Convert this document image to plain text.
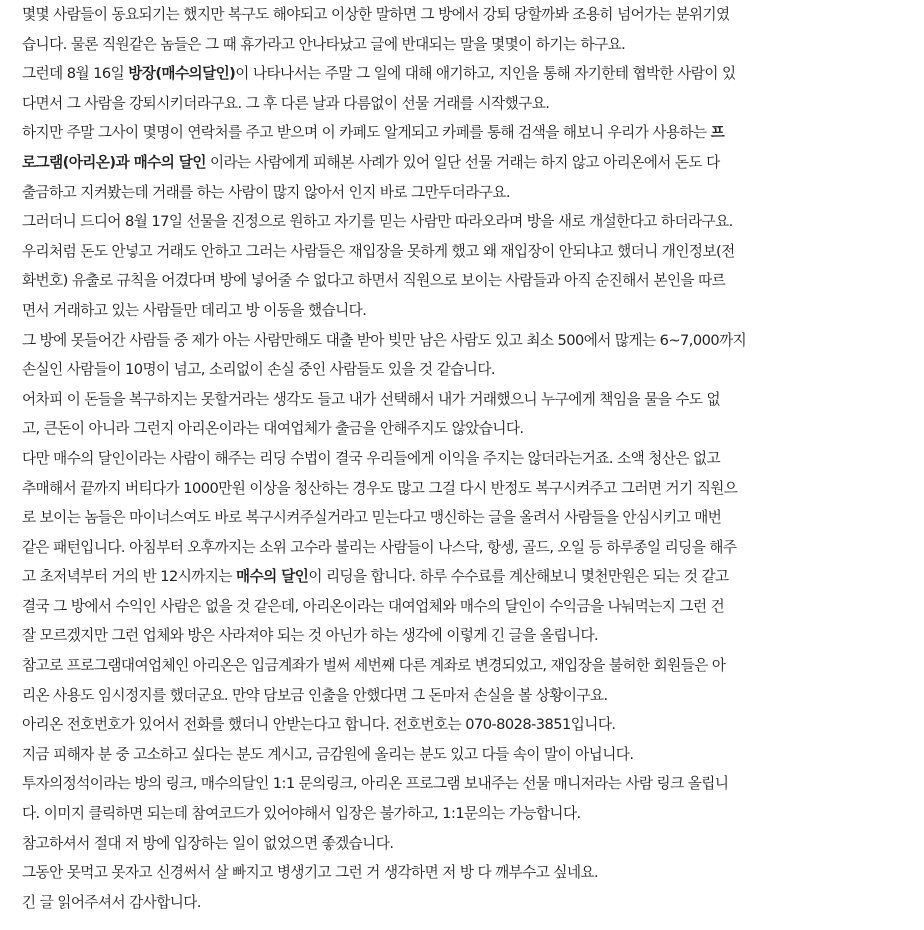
몇몇 사람들이 동요되기는 했지만 복구도 해야되고 이상한 말하면 그 방에서 강퇴 당할까봐 조용히 넘어가는 분위기였
습니다. 물론 직원같은 놈들은 그 때 휴가라고 안나타났고 글에 반대되는 말을 몇몇이 하기는 하구요.
그런데 8월 16일 방장(매수의달인)이 나타나서는 주말 그 일에 대해 애기하고, 지인을 통해 자기한테 협박한 사람이 있
다면서 그 사람을 강퇴시키더라구요. 그 후 다른 날과 다름없이 선물 거래를 시작했구요.
하지만 주말 그사이 몇명이 연락처를 주고 받으며 이 카페도 알게되고 카페를 통해 검색을 해보니 우리가 사용하는 프
로그램(아리온)과 매수의 달인 이라는 사람에게 피해본 사례가 있어 일단 선물 거래는 하지 않고 아리온에서 돈도 다
출금하고 지켜봤는데 거래를 하는 사람이 많지 않아서 인지 바로 그만두더라구요.
그러더니 드디어 8월 17일 선물을 진정으로 원하고 자기를 믿는 사람만 따라오라며 방을 새로 개설한다고 하더라구요.
우리처럼 돈도 안넣고 거래도 안하고 그러는 사람들은 재입장을 못하게 했고 왜 재입장이 안되냐고 했더니 개인정보(전
화번호) 유출로 규칙을 어겼다며 방에 넣어줄 수 없다고 하면서 직원으로 보이는 사람들과 아직 순진해서 본인을 따르
면서 거래하고 있는 사람들만 데리고 방 이동을 했습니다.
그 방에 못들어간 사람들 중 제가 아는 사람만해도 대출 받아 빚만 남은 사람도 있고 최소 500에서 많게는 6~7,000까지
손실인 사람들이 10명이 넘고, 소리없이 손실 중인 사람들도 있을 것 같습니다.
어차피 이 돈들을 복구하지는 못할거라는 생각도 들고 내가 선택해서 내가 거래했으니 누구에게 책임을 물을 수도 없
고, 큰돈이 아니라 그런지 아리온이라는 대여업체가 출금을 안해주지도 않았습니다.
다만 매수의 달인이라는 사람이 해주는 리딩 수법이 결국 우리들에게 이익을 주지는 않더라는거죠. 소액 청산은 없고
추매해서 끝까지 버티다가 1000만원 이상을 청산하는 경우도 많고 그걸 다시 반정도 복구시켜주고 그러면 거기 직원으
로 보이는 놈들은 마이너스여도 바로 복구시켜주실거라고 믿는다고 맹신하는 글을 올려서 사람들을 안심시키고 매번
같은 패턴입니다. 아침부터 오후까지는 소위 고수라 불리는 사람들이 나스닥, 항셍, 골드, 오일 등 하루종일 리딩을 해주
고 초저녁부터 거의 반 12시까지는 매수의 달인이 리딩을 합니다. 하루 수수료를 계산해보니 몇천만원은 되는 것 같고
결국 그 방에서 수익인 사람은 없을 것 같은데, 아리온이라는 대여업체와 매수의 달인이 수익금을 나눠먹는지 그런 건
잘 모르겠지만 그런 업체와 방은 사라져야 되는 것 아닌가 하는 생각에 이렇게 긴 글을 올립니다.
참고로 프로그램대여업체인 아리온은 입금계좌가 벌써 세번째 다른 계좌로 변경되었고, 재입장을 불허한 회원들은 아
리온 사용도 임시정지를 했더군요. 만약 담보금 인출을 안했다면 그 돈마저 손실을 볼 상황이구요.
아리온 전호번호가 있어서 전화를 했더니 안받는다고 합니다. 전호번호는 070-8028-3851입니다.
지금 피해자 분 중 고소하고 싶다는 분도 계시고, 금감원에 올리는 분도 있고 다들 속이 말이 아닙니다.
투자의정석이라는 방의 링크, 매수의달인 1:1 문의링크, 아리온 프로그램 보내주는 선물 매니저라는 사람 링크 올립니
다. 이미지 클릭하면 되는데 참여코드가 있어야해서 입장은 불가하고, 1:1문의는 가능합니다.
참고하셔서 절대 저 방에 입장하는 일이 없었으면 좋겠습니다.
그동안 못먹고 못자고 신경써서 살 빠지고 병생기고 그런 거 생각하면 저 방 다 깨부수고 싶네요.
긴 글 읽어주셔서 감사합니다.
